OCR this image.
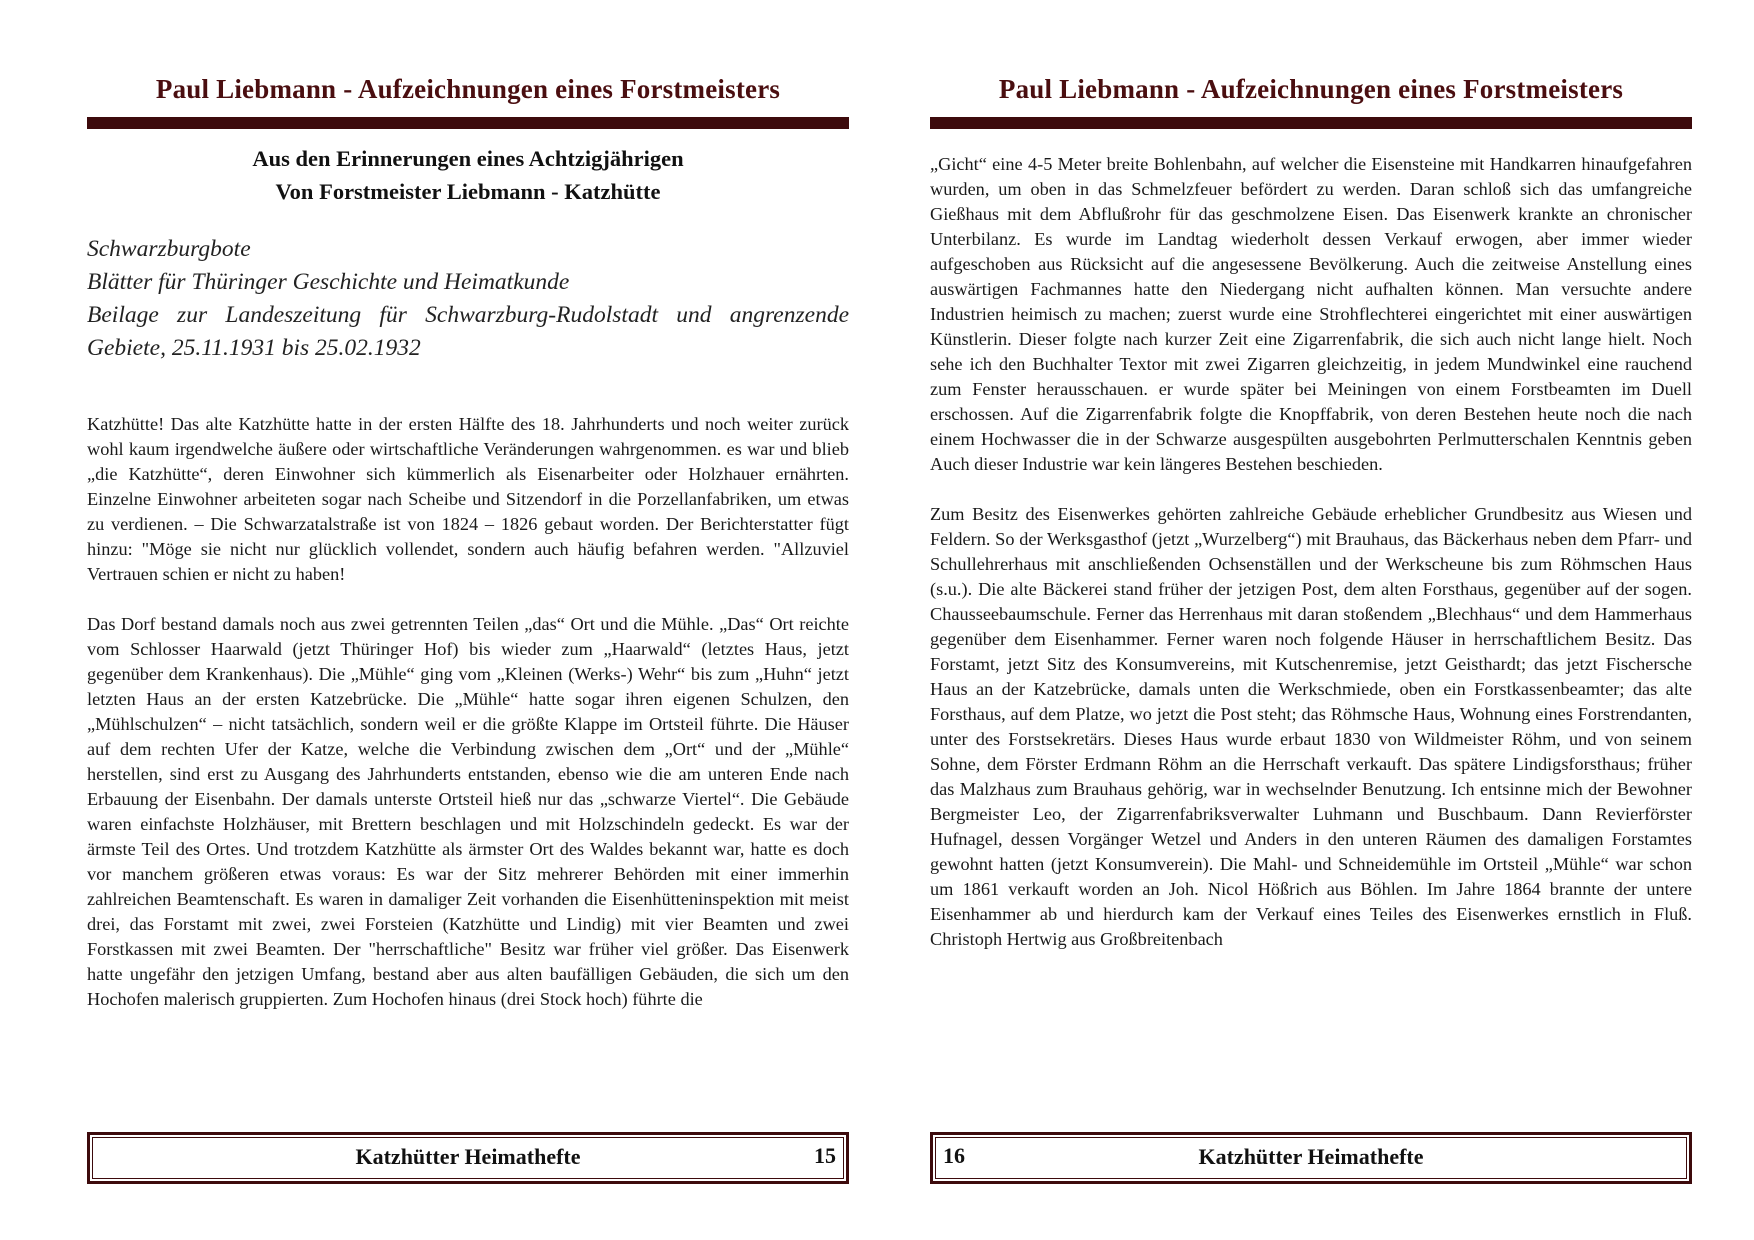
Paul Liebmann - Aufzeichnungen eines Forstmeisters
Aus den Erinnerungen eines Achtzigjährigen
Von Forstmeister Liebmann - Katzhütte
Schwarzburgbote
Blätter für Thüringer Geschichte und Heimatkunde
Beilage zur Landeszeitung für Schwarzburg-Rudolstadt und angrenzende Gebiete, 25.11.1931 bis 25.02.1932

Katzhütte! Das alte Katzhütte hatte in der ersten Hälfte des 18. Jahrhunderts und noch weiter zurück wohl kaum irgendwelche äußere oder wirtschaftliche Veränderungen wahrgenommen. es war und blieb „die Katzhütte“, deren Einwohner sich kümmerlich als Eisenarbeiter oder Holzhauer ernährten. Einzelne Einwohner arbeiteten sogar nach Scheibe und Sitzendorf in die Porzellanfabriken, um etwas zu verdienen. – Die Schwarzatalstraße ist von 1824 – 1826 gebaut worden. Der Berichterstatter fügt hinzu: "Möge sie nicht nur glücklich vollendet, sondern auch häufig befahren werden. "Allzuviel Vertrauen schien er nicht zu haben!

Das Dorf bestand damals noch aus zwei getrennten Teilen „das“ Ort und die Mühle. „Das“ Ort reichte vom Schlosser Haarwald (jetzt Thüringer Hof) bis wieder zum „Haarwald“ (letztes Haus, jetzt gegenüber dem Krankenhaus). Die „Mühle“ ging vom „Kleinen (Werks-) Wehr“ bis zum „Huhn“ jetzt letzten Haus an der ersten Katzebrücke. Die „Mühle“ hatte sogar ihren eigenen Schulzen, den „Mühlschulzen“ – nicht tatsächlich, sondern weil er die größte Klappe im Ortsteil führte. Die Häuser auf dem rechten Ufer der Katze, welche die Verbindung zwischen dem „Ort“ und der „Mühle“ herstellen, sind erst zu Ausgang des Jahrhunderts entstanden, ebenso wie die am unteren Ende nach Erbauung der Eisenbahn. Der damals unterste Ortsteil hieß nur das „schwarze Viertel“. Die Gebäude waren einfachste Holzhäuser, mit Brettern beschlagen und mit Holzschindeln gedeckt. Es war der ärmste Teil des Ortes. Und trotzdem Katzhütte als ärmster Ort des Waldes bekannt war, hatte es doch vor manchem größeren etwas voraus: Es war der Sitz mehrerer Behörden mit einer immerhin zahlreichen Beamtenschaft. Es waren in damaliger Zeit vorhanden die Eisenhütteninspektion mit meist drei, das Forstamt mit zwei, zwei Forsteien (Katzhütte und Lindig) mit vier Beamten und zwei Forstkassen mit zwei Beamten. Der "herrschaftliche" Besitz war früher viel größer. Das Eisenwerk hatte ungefähr den jetzigen Umfang, bestand aber aus alten baufälligen Gebäuden, die sich um den Hochofen malerisch gruppierten. Zum Hochofen hinaus (drei Stock hoch) führte die

Katzhütter Heimathefte	15
Paul Liebmann - Aufzeichnungen eines Forstmeisters

„Gicht“ eine 4-5 Meter breite Bohlenbahn, auf welcher die Eisensteine mit Handkarren hinaufgefahren wurden, um oben in das Schmelzfeuer befördert zu werden. Daran schloß sich das umfangreiche Gießhaus mit dem Abflußrohr für das geschmolzene Eisen. Das Eisenwerk krankte an chronischer Unterbilanz. Es wurde im Landtag wiederholt dessen Verkauf erwogen, aber immer wieder aufgeschoben aus Rücksicht auf die angesessene Bevölkerung. Auch die zeitweise Anstellung eines auswärtigen Fachmannes hatte den Niedergang nicht aufhalten können. Man versuchte andere Industrien heimisch zu machen; zuerst wurde eine Strohflechterei eingerichtet mit einer auswärtigen Künstlerin. Dieser folgte nach kurzer Zeit eine Zigarrenfabrik, die sich auch nicht lange hielt. Noch sehe ich den Buchhalter Textor mit zwei Zigarren gleichzeitig, in jedem Mundwinkel eine rauchend zum Fenster herausschauen. er wurde später bei Meiningen von einem Forstbeamten im Duell erschossen. Auf die Zigarrenfabrik folgte die Knopffabrik, von deren Bestehen heute noch die nach einem Hochwasser die in der Schwarze ausgespülten ausgebohrten Perlmutterschalen Kenntnis geben Auch dieser Industrie war kein längeres Bestehen beschieden.

Zum Besitz des Eisenwerkes gehörten zahlreiche Gebäude erheblicher Grundbesitz aus Wiesen und Feldern. So der Werksgasthof (jetzt „Wurzelberg“) mit Brauhaus, das Bäckerhaus neben dem Pfarr- und Schullehrerhaus mit anschließenden Ochsenställen und der Werkscheune bis zum Röhmschen Haus (s.u.). Die alte Bäckerei stand früher der jetzigen Post, dem alten Forsthaus, gegenüber auf der sogen. Chausseebaumschule. Ferner das Herrenhaus mit daran stoßendem „Blechhaus“ und dem Hammerhaus gegenüber dem Eisenhammer. Ferner waren noch folgende Häuser in herrschaftlichem Besitz. Das Forstamt, jetzt Sitz des Konsumvereins, mit Kutschenremise, jetzt Geisthardt; das jetzt Fischersche Haus an der Katzebrücke, damals unten die Werkschmiede, oben ein Forstkassenbeamter; das alte Forsthaus, auf dem Platze, wo jetzt die Post steht; das Röhmsche Haus, Wohnung eines Forstrendanten, unter des Forstsekretärs. Dieses Haus wurde erbaut 1830 von Wildmeister Röhm, und von seinem Sohne, dem Förster Erdmann Röhm an die Herrschaft verkauft. Das spätere Lindigsforsthaus; früher das Malzhaus zum Brauhaus gehörig, war in wechselnder Benutzung. Ich entsinne mich der Bewohner Bergmeister Leo, der Zigarrenfabriksverwalter Luhmann und Buschbaum. Dann Revierförster Hufnagel, dessen Vorgänger Wetzel und Anders in den unteren Räumen des damaligen Forstamtes gewohnt hatten (jetzt Konsumverein). Die Mahl- und Schneidemühle im Ortsteil „Mühle“ war schon um 1861 verkauft worden an Joh. Nicol Hößrich aus Böhlen. Im Jahre 1864 brannte der untere Eisenhammer ab und hierdurch kam der Verkauf eines Teiles des Eisenwerkes ernstlich in Fluß. Christoph Hertwig aus Großbreitenbach

Katzhütter Heimathefte
16
